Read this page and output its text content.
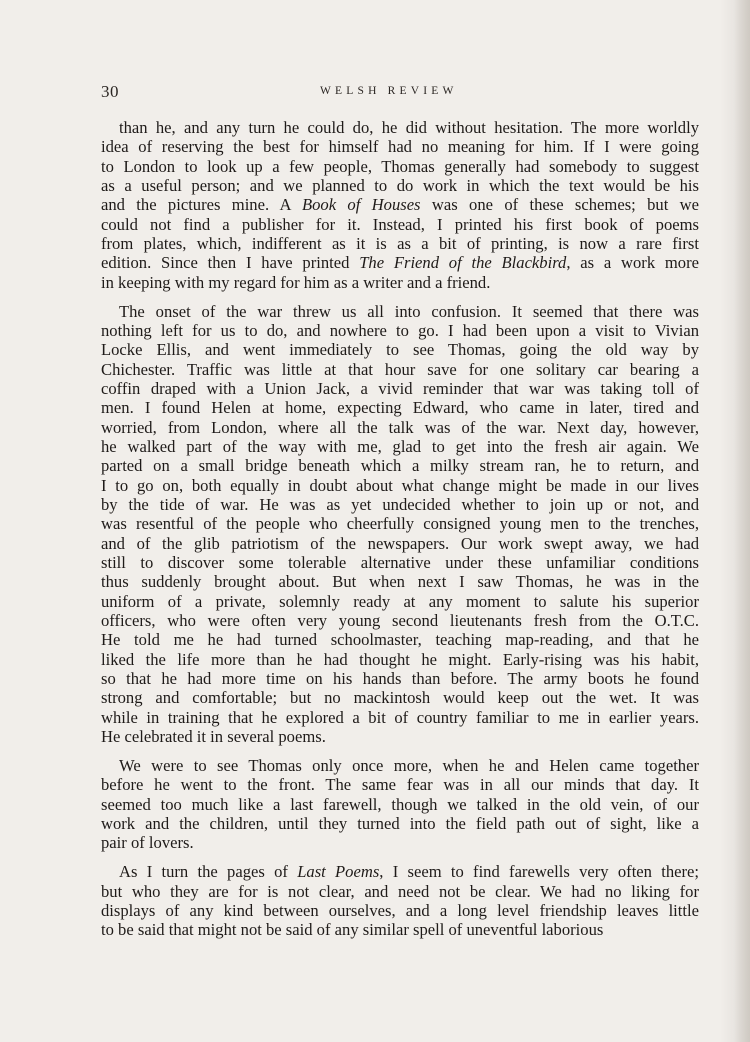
30	WELSH REVIEW
than he, and any turn he could do, he did without hesitation. The more worldly
idea of reserving the best for himself had no meaning for him. If I were going
to London to look up a few people, Thomas generally had somebody to suggest
as a useful person; and we planned to do work in which the text would be his
and the pictures mine. A Book of Houses was one of these schemes; but we
could not find a publisher for it. Instead, I printed his first book of poems
from plates, which, indifferent as it is as a bit of printing, is now a rare first
edition. Since then I have printed The Friend of the Blackbird, as a work more
in keeping with my regard for him as a writer and a friend.
The onset of the war threw us all into confusion. It seemed that there was
nothing left for us to do, and nowhere to go. I had been upon a visit to Vivian
Locke Ellis, and went immediately to see Thomas, going the old way by
Chichester. Traffic was little at that hour save for one solitary car bearing a
coffin draped with a Union Jack, a vivid reminder that war was taking toll of
men. I found Helen at home, expecting Edward, who came in later, tired and
worried, from London, where all the talk was of the war. Next day, however,
he walked part of the way with me, glad to get into the fresh air again. We
parted on a small bridge beneath which a milky stream ran, he to return, and
I to go on, both equally in doubt about what change might be made in our lives
by the tide of war. He was as yet undecided whether to join up or not, and
was resentful of the people who cheerfully consigned young men to the trenches,
and of the glib patriotism of the newspapers. Our work swept away, we had
still to discover some tolerable alternative under these unfamiliar conditions
thus suddenly brought about. But when next I saw Thomas, he was in the
uniform of a private, solemnly ready at any moment to salute his superior
officers, who were often very young second lieutenants fresh from the O.T.C.
He told me he had turned schoolmaster, teaching map-reading, and that he
liked the life more than he had thought he might. Early-rising was his habit,
so that he had more time on his hands than before. The army boots he found
strong and comfortable; but no mackintosh would keep out the wet. It was
while in training that he explored a bit of country familiar to me in earlier years.
He celebrated it in several poems.
We were to see Thomas only once more, when he and Helen came together
before he went to the front. The same fear was in all our minds that day. It
seemed too much like a last farewell, though we talked in the old vein, of our
work and the children, until they turned into the field path out of sight, like a
pair of lovers.
As I turn the pages of Last Poems, I seem to find farewells very often there;
but who they are for is not clear, and need not be clear. We had no liking for
displays of any kind between ourselves, and a long level friendship leaves little
to be said that might not be said of any similar spell of uneventful laborious
